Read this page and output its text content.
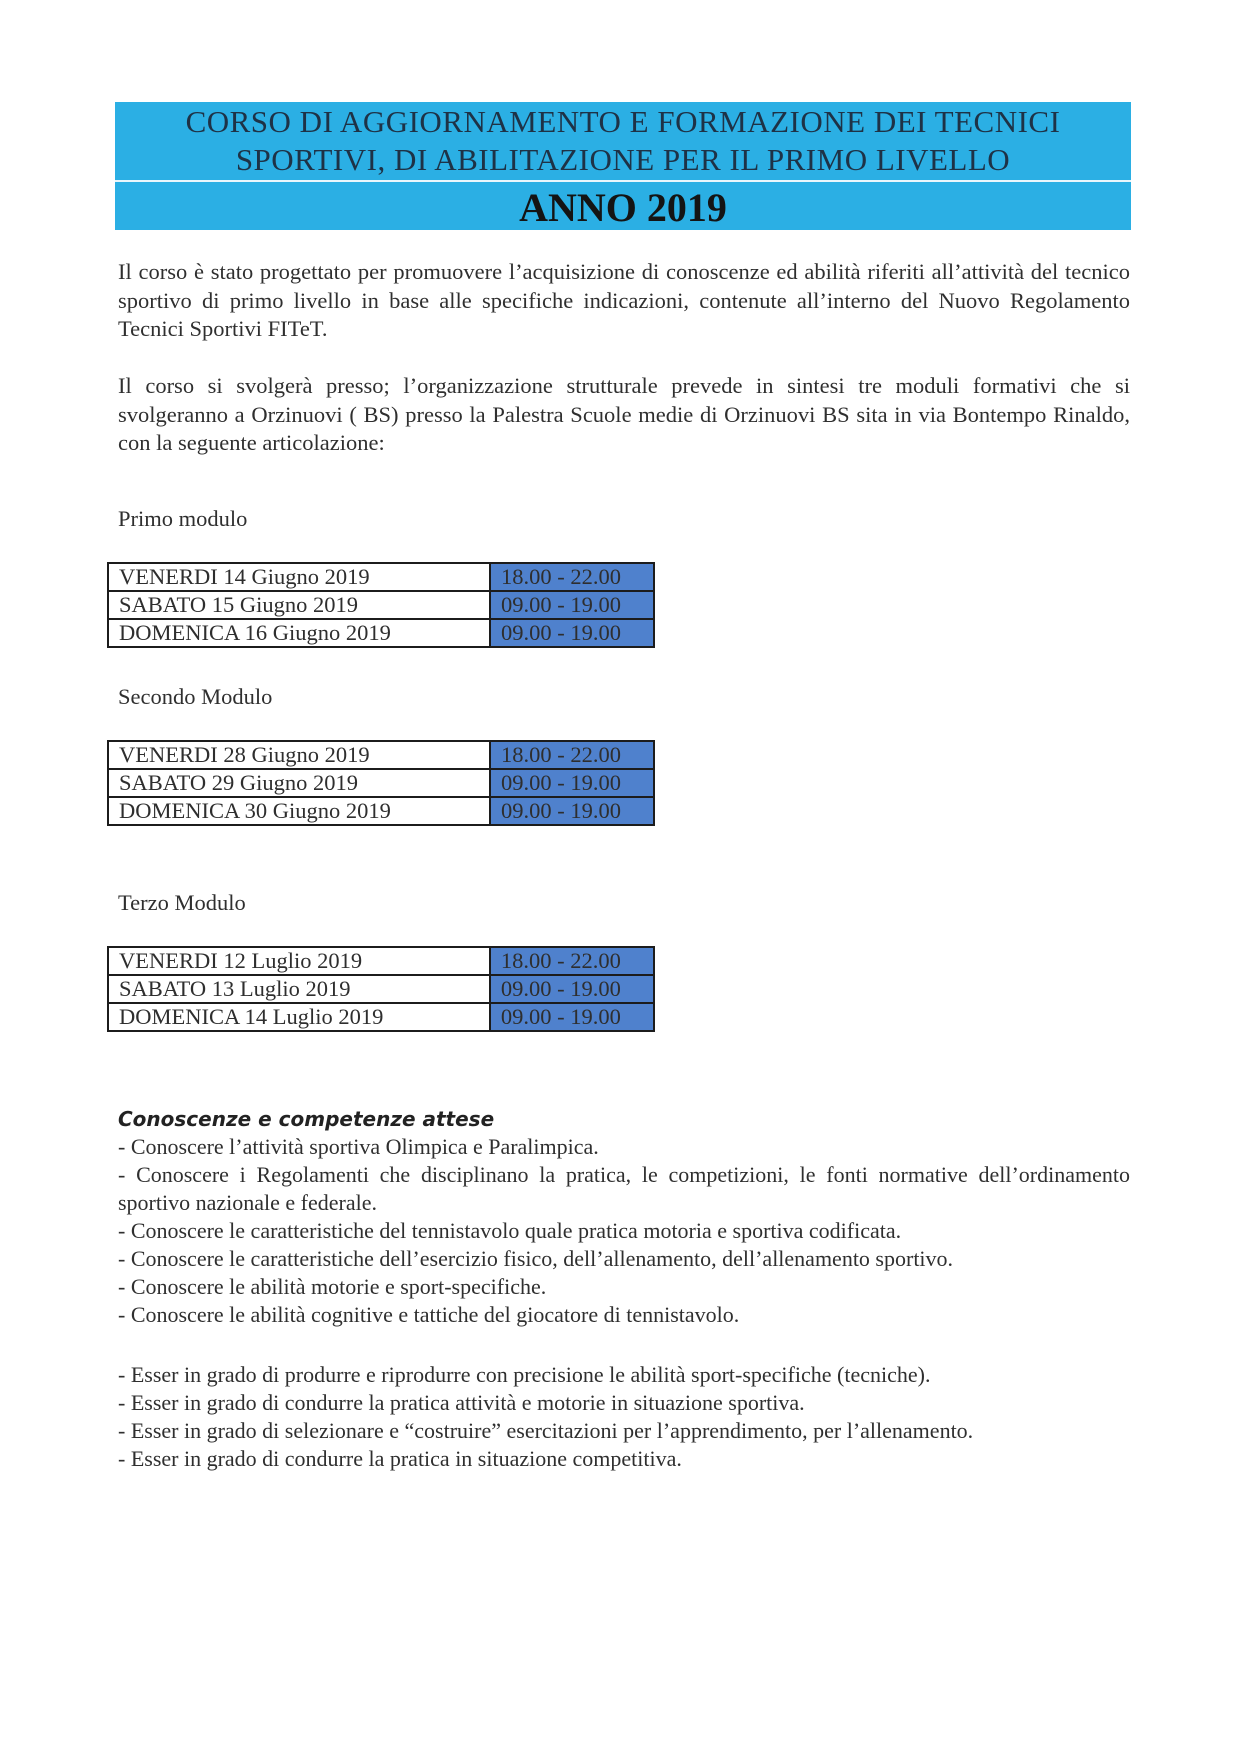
CORSO DI AGGIORNAMENTO E FORMAZIONE DEI TECNICI
SPORTIVI, DI ABILITAZIONE PER IL PRIMO LIVELLO
ANNO 2019

Il corso è stato progettato per promuovere l’acquisizione di conoscenze ed abilità riferiti all’attività del tecnico sportivo di primo livello in base alle specifiche indicazioni, contenute all’interno del Nuovo Regolamento Tecnici Sportivi FITeT.

Il corso si svolgerà presso; l’organizzazione strutturale prevede in sintesi tre moduli formativi che si svolgeranno a Orzinuovi ( BS) presso la Palestra Scuole medie di Orzinuovi BS sita in via Bontempo Rinaldo, con la seguente articolazione:

Primo modulo

VENERDI 14 Giugno 2019	18.00 - 22.00
SABATO 15 Giugno 2019	09.00 - 19.00
DOMENICA 16 Giugno 2019	09.00 - 19.00

Secondo Modulo

VENERDI 28 Giugno 2019	18.00 - 22.00
SABATO 29 Giugno 2019	09.00 - 19.00
DOMENICA 30 Giugno 2019	09.00 - 19.00

Terzo Modulo

VENERDI 12 Luglio 2019	18.00 - 22.00
SABATO 13 Luglio 2019	09.00 - 19.00
DOMENICA 14 Luglio 2019	09.00 - 19.00

Conoscenze e competenze attese

- Conoscere l’attività sportiva Olimpica e Paralimpica.
- Conoscere i Regolamenti che disciplinano la pratica, le competizioni, le fonti normative dell’ordinamento sportivo nazionale e federale.
- Conoscere le caratteristiche del tennistavolo quale pratica motoria e sportiva codificata.
- Conoscere le caratteristiche dell’esercizio fisico, dell’allenamento, dell’allenamento sportivo.
- Conoscere le abilità motorie e sport-specifiche.
- Conoscere le abilità cognitive e tattiche del giocatore di tennistavolo.
- Esser in grado di produrre e riprodurre con precisione le abilità sport-specifiche (tecniche).
- Esser in grado di condurre la pratica attività e motorie in situazione sportiva.
- Esser in grado di selezionare e “costruire” esercitazioni per l’apprendimento, per l’allenamento.
- Esser in grado di condurre la pratica in situazione competitiva.
